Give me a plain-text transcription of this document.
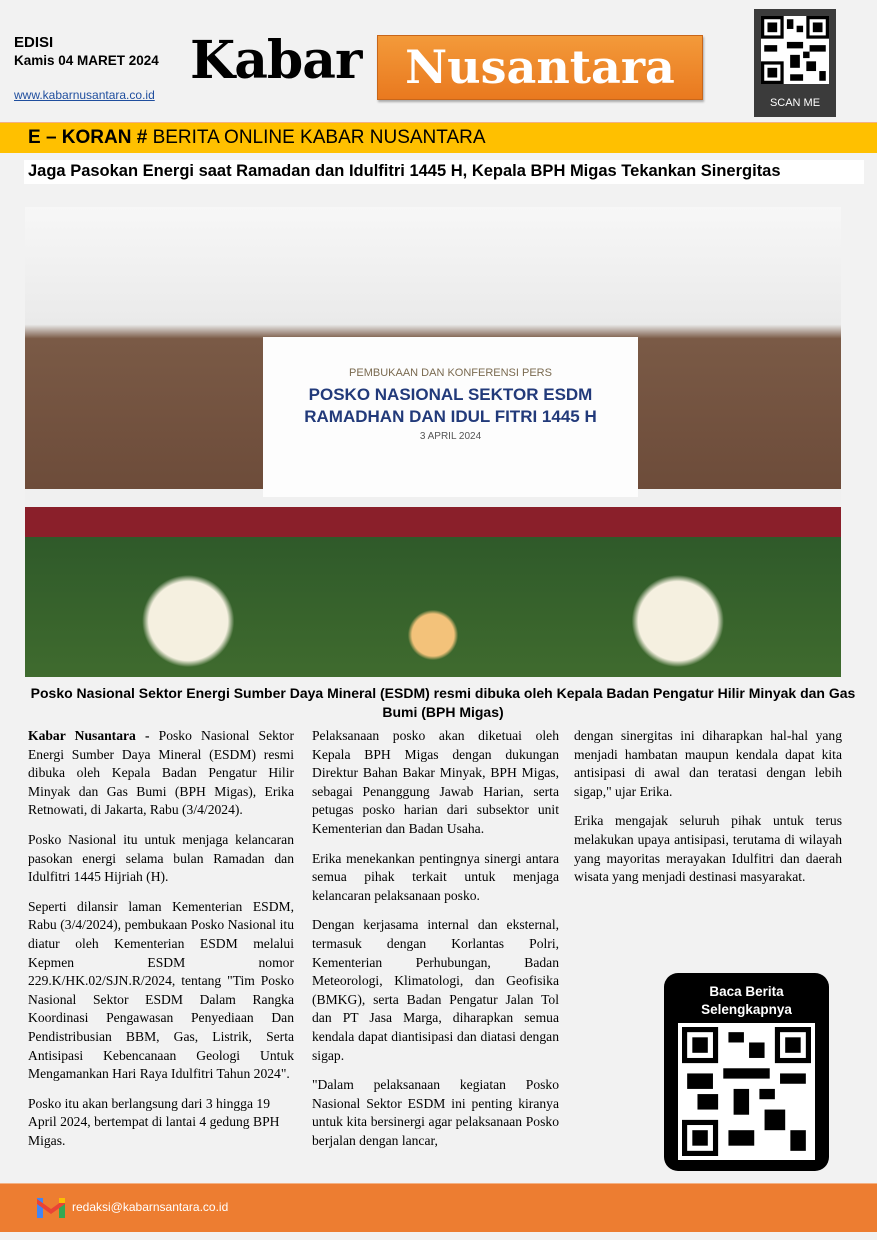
EDISI
Kamis 04 MARET 2024
www.kabarnusantara.co.id
Kabar Nusantara
SCAN ME
E – KORAN # BERITA ONLINE KABAR NUSANTARA
Jaga Pasokan Energi saat Ramadan dan Idulfitri 1445 H, Kepala BPH Migas Tekankan Sinergitas
PEMBUKAAN DAN KONFERENSI PERS
POSKO NASIONAL SEKTOR ESDM
RAMADHAN DAN IDUL FITRI 1445 H
3 APRIL 2024
Posko Nasional Sektor Energi Sumber Daya Mineral (ESDM) resmi dibuka oleh Kepala Badan Pengatur Hilir Minyak dan Gas Bumi (BPH Migas)

Kabar Nusantara - Posko Nasional Sektor Energi Sumber Daya Mineral (ESDM) resmi dibuka oleh Kepala Badan Pengatur Hilir Minyak dan Gas Bumi (BPH Migas), Erika Retnowati, di Jakarta, Rabu (3/4/2024).

Posko Nasional itu untuk menjaga kelancaran pasokan energi selama bulan Ramadan dan Idulfitri 1445 Hijriah (H).

Seperti dilansir laman Kementerian ESDM, Rabu (3/4/2024), pembukaan Posko Nasional itu diatur oleh Kementerian ESDM melalui Kepmen ESDM nomor 229.K/HK.02/SJN.R/2024, tentang "Tim Posko Nasional Sektor ESDM Dalam Rangka Koordinasi Pengawasan Penyediaan Dan Pendistribusian BBM, Gas, Listrik, Serta Antisipasi Kebencanaan Geologi Untuk Mengamankan Hari Raya Idulfitri Tahun 2024".

Posko itu akan berlangsung dari 3 hingga 19 April 2024, bertempat di lantai 4 gedung BPH Migas.

Pelaksanaan posko akan diketuai oleh Kepala BPH Migas dengan dukungan Direktur Bahan Bakar Minyak, BPH Migas, sebagai Penanggung Jawab Harian, serta petugas posko harian dari subsektor unit Kementerian dan Badan Usaha.

Erika menekankan pentingnya sinergi antara semua pihak terkait untuk menjaga kelancaran pelaksanaan posko.

Dengan kerjasama internal dan eksternal, termasuk dengan Korlantas Polri, Kementerian Perhubungan, Badan Meteorologi, Klimatologi, dan Geofisika (BMKG), serta Badan Pengatur Jalan Tol dan PT Jasa Marga, diharapkan semua kendala dapat diantisipasi dan diatasi dengan sigap.

"Dalam pelaksanaan kegiatan Posko Nasional Sektor ESDM ini penting kiranya untuk kita bersinergi agar pelaksanaan Posko berjalan dengan lancar,

dengan sinergitas ini diharapkan hal-hal yang menjadi hambatan maupun kendala dapat kita antisipasi di awal dan teratasi dengan lebih sigap," ujar Erika.

Erika mengajak seluruh pihak untuk terus melakukan upaya antisipasi, terutama di wilayah yang mayoritas merayakan Idulfitri dan daerah wisata yang menjadi destinasi masyarakat.

Baca Berita
Selengkapnya
redaksi@kabarnsantara.co.id
